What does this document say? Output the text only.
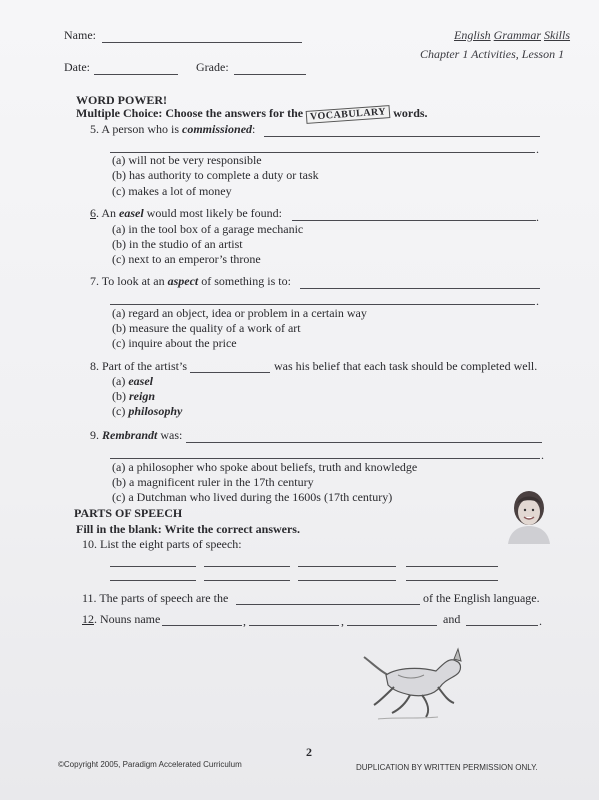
Name:
Date:	Grade:
English Grammar Skills
Chapter 1 Activities, Lesson 1
WORD POWER!
Multiple Choice: Choose the answers for the VOCABULARY words.
5. A person who is commissioned:
.
(a) will not be very responsible
(b) has authority to complete a duty or task
(c) makes a lot of money
6. An easel would most likely be found:	.
(a) in the tool box of a garage mechanic
(b) in the studio of an artist
(c) next to an emperor’s throne
7. To look at an aspect of something is to:
.
(a) regard an object, idea or problem in a certain way
(b) measure the quality of a work of art
(c) inquire about the price
8. Part of the artist’s	was his belief that each task should be completed well.
(a) easel
(b) reign
(c) philosophy
9. Rembrandt was:
.
(a) a philosopher who spoke about beliefs, truth and knowledge
(b) a magnificent ruler in the 17th century
(c) a Dutchman who lived during the 1600s (17th century)
PARTS OF SPEECH
Fill in the blank: Write the correct answers.
10. List the eight parts of speech:
11. The parts of speech are the	of the English language.
12. Nouns name	,	,	and	.
2
©Copyright 2005, Paradigm Accelerated Curriculum	DUPLICATION BY WRITTEN PERMISSION ONLY.
